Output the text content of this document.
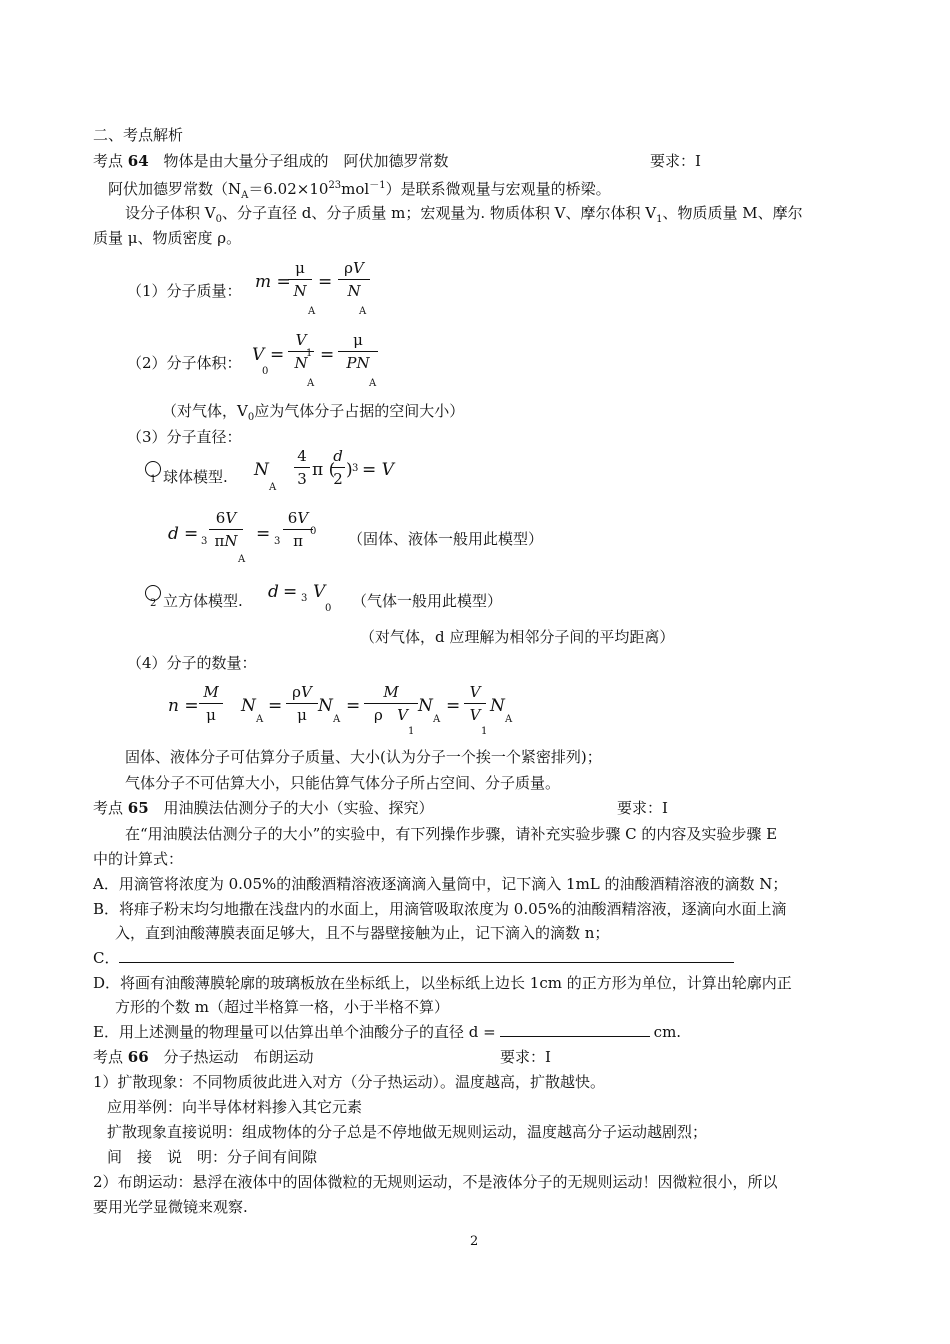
二、考点解析
考点 64 物体是由大量分子组成的　阿伏加德罗常数	要求：Ⅰ
阿伏加德罗常数$(N_A=6.02\times 10^{23}mol^{-1})$是联系微观量与宏观量的桥梁。
设分子体积 $V_0$、分子直径 d、分子质量 m；宏观量为. 物质体积 V、摩尔体积 $V_1$、物质质量 M、摩尔
质量 μ、物质密度 ρ。
（1）分子质量： m =
μ
N
A
=
ρV
N
A
（2）分子体积： V
0
=
V
N
1
A
=
μ
PN
A
（对气体，$V_0$应为气体分子占据的空间大小）
（3）分子直径：
1 球体模型. N
A
4
3 π (
d
2 ) 3 = V
d = 3
6V
πN
A
= 3
6V
π
0 （固体、液体一般用此模型）
2 立方体模型. d = 3 V
0 （气体一般用此模型）
（对气体，d 应理解为相邻分子间的平均距离）
（4）分子的数量：
n =
M
μ	N
A
=
ρV
μ N
A
=
M
ρ   V
1
N
A
=
V
V
1
N
A
固体、液体分子可估算分子质量、大小(认为分子一个挨一个紧密排列)；
气体分子不可估算大小，只能估算气体分子所占空间、分子质量。
考点 65 用油膜法估测分子的大小（实验、探究）	要求：Ⅰ
在“用油膜法估测分子的大小”的实验中，有下列操作步骤，请补充实验步骤 C 的内容及实验步骤 E
中的计算式：
A．用滴管将浓度为 0.05%的油酸酒精溶液逐滴滴入量筒中，记下滴入 1mL 的油酸酒精溶液的滴数 N；
B．将痱子粉末均匀地撒在浅盘内的水面上，用滴管吸取浓度为 0.05%的油酸酒精溶液，逐滴向水面上滴
入，直到油酸薄膜表面足够大，且不与器壁接触为止，记下滴入的滴数 n；
C．
D．将画有油酸薄膜轮廓的玻璃板放在坐标纸上，以坐标纸上边长 1cm 的正方形为单位，计算出轮廓内正
方形的个数 m（超过半格算一格，小于半格不算）
E．用上述测量的物理量可以估算出单个油酸分子的直径 d =	cm.
考点 66 分子热运动　布朗运动	要求：Ⅰ
1）扩散现象：不同物质彼此进入对方（分子热运动）。温度越高，扩散越快。
应用举例：向半导体材料掺入其它元素
扩散现象直接说明：组成物体的分子总是不停地做无规则运动，温度越高分子运动越剧烈；
间　接　说　明：分子间有间隙
2）布朗运动：悬浮在液体中的固体微粒的无规则运动，不是液体分子的无规则运动！因微粒很小，所以
要用光学显微镜来观察.
2
